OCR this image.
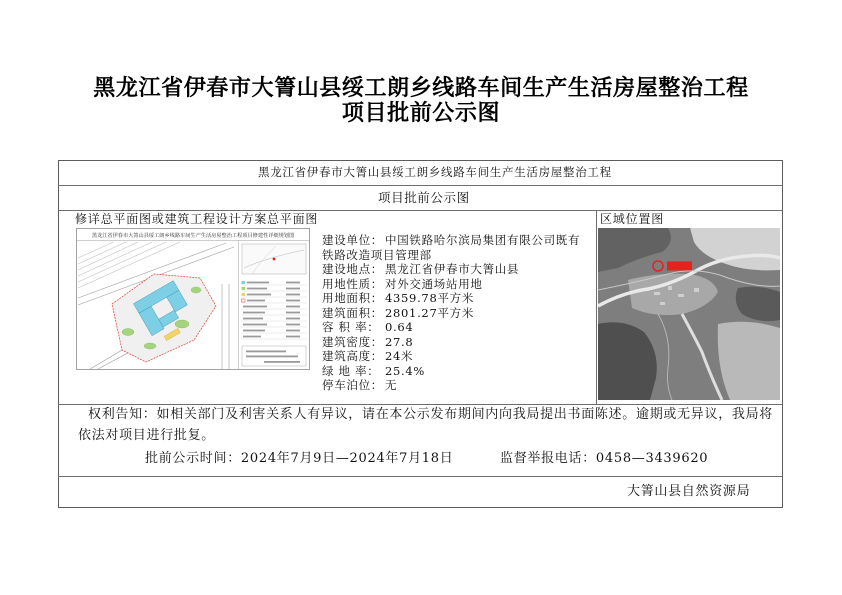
黑龙江省伊春市大箐山县绥工朗乡线路车间生产生活房屋整治工程
项目批前公示图
黑龙江省伊春市大箐山县绥工朗乡线路车间生产生活房屋整治工程
项目批前公示图
修详总平面图或建筑工程设计方案总平面图	区域位置图
黑龙江省伊春市大箐山县绥工朗乡线路车间生产生活房屋整治工程项目修建性详细规划图 建设单位： 中国铁路哈尔滨局集团有限公司既有
铁路改造项目管理部
建设地点： 黑龙江省伊春市大箐山县
用地性质： 对外交通场站用地
用地面积： 4359.78平方米
建筑面积： 2801.27平方米
容 积 率： 0.64
建筑密度： 27.8
建筑高度： 24米
绿 地 率： 25.4%
停车泊位： 无
权利告知：如相关部门及利害关系人有异议，请在本公示发布期间内向我局提出书面陈述。逾期或无异议，我局将
依法对项目进行批复。
批前公示时间：2024年7月9日—2024年7月18日	监督举报电话：0458—3439620
大箐山县自然资源局
